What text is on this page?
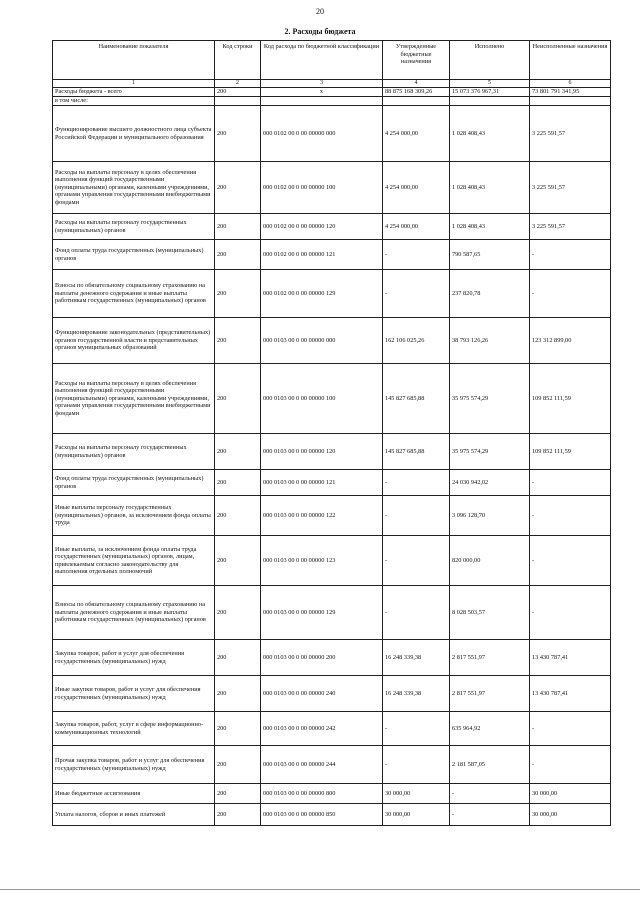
20
2. Расходы бюджета
Наименование показателя	Код строки	Код расхода по бюджетной классификации	Утвержденные бюджетные назначения	Исполнено	Неисполненные назначения
1	2	3	4	5	6
Расходы бюджета - всего	200	x	88 875 168 309,26	15 073 376 967,31	73 801 791 341,95
в том числе:					
Функционирование высшего должностного лица субъекта Российской Федерации и муниципального образования	200	000 0102 00 0 00 00000 000	4 254 000,00	1 028 408,43	3 225 591,57
Расходы на выплаты персоналу в целях обеспечения выполнения функций государственными (муниципальными) органами, казенными учреждениями, органами управления государственными внебюджетными фондами	200	000 0102 00 0 00 00000 100	4 254 000,00	1 028 408,43	3 225 591,57
Расходы на выплаты персоналу государственных (муниципальных) органов	200	000 0102 00 0 00 00000 120	4 254 000,00	1 028 408,43	3 225 591,57
Фонд оплаты труда государственных (муниципальных) органов	200	000 0102 00 0 00 00000 121	-	790 587,65	-
Взносы по обязательному социальному страхованию на выплаты денежного содержания и иные выплаты работникам государственных (муниципальных) органов	200	000 0102 00 0 00 00000 129	-	237 820,78	-
Функционирование законодательных (представительных) органов государственной власти и представительных органов муниципальных образований	200	000 0103 00 0 00 00000 000	162 106 025,26	38 793 126,26	123 312 899,00
Расходы на выплаты персоналу в целях обеспечения выполнения функций государственными (муниципальными) органами, казенными учреждениями, органами управления государственными внебюджетными фондами	200	000 0103 00 0 00 00000 100	145 827 685,88	35 975 574,29	109 852 111,59
Расходы на выплаты персоналу государственных (муниципальных) органов	200	000 0103 00 0 00 00000 120	145 827 685,88	35 975 574,29	109 852 111,59
Фонд оплаты труда государственных (муниципальных) органов	200	000 0103 00 0 00 00000 121	-	24 030 942,02	-
Иные выплаты персоналу государственных (муниципальных) органов, за исключением фонда оплаты труда	200	000 0103 00 0 00 00000 122	-	3 096 128,70	-
Иные выплаты, за исключением фонда оплаты труда государственных (муниципальных) органов, лицам, привлекаемым согласно законодательству для выполнения отдельных полномочий	200	000 0103 00 0 00 00000 123	-	820 000,00	-
Взносы по обязательному социальному страхованию на выплаты денежного содержания и иные выплаты работникам государственных (муниципальных) органов	200	000 0103 00 0 00 00000 129	-	8 028 503,57	-
Закупка товаров, работ и услуг для обеспечения государственных (муниципальных) нужд	200	000 0103 00 0 00 00000 200	16 248 339,38	2 817 551,97	13 430 787,41
Иные закупки товаров, работ и услуг для обеспечения государственных (муниципальных) нужд	200	000 0103 00 0 00 00000 240	16 248 339,38	2 817 551,97	13 430 787,41
Закупка товаров, работ, услуг в сфере информационно-коммуникационных технологий	200	000 0103 00 0 00 00000 242	-	635 964,92	-
Прочая закупка товаров, работ и услуг для обеспечения государственных (муниципальных) нужд	200	000 0103 00 0 00 00000 244	-	2 181 587,05	-
Иные бюджетные ассигнования	200	000 0103 00 0 00 00000 800	30 000,00	-	30 000,00
Уплата налогов, сборов и иных платежей	200	000 0103 00 0 00 00000 850	30 000,00	-	30 000,00
